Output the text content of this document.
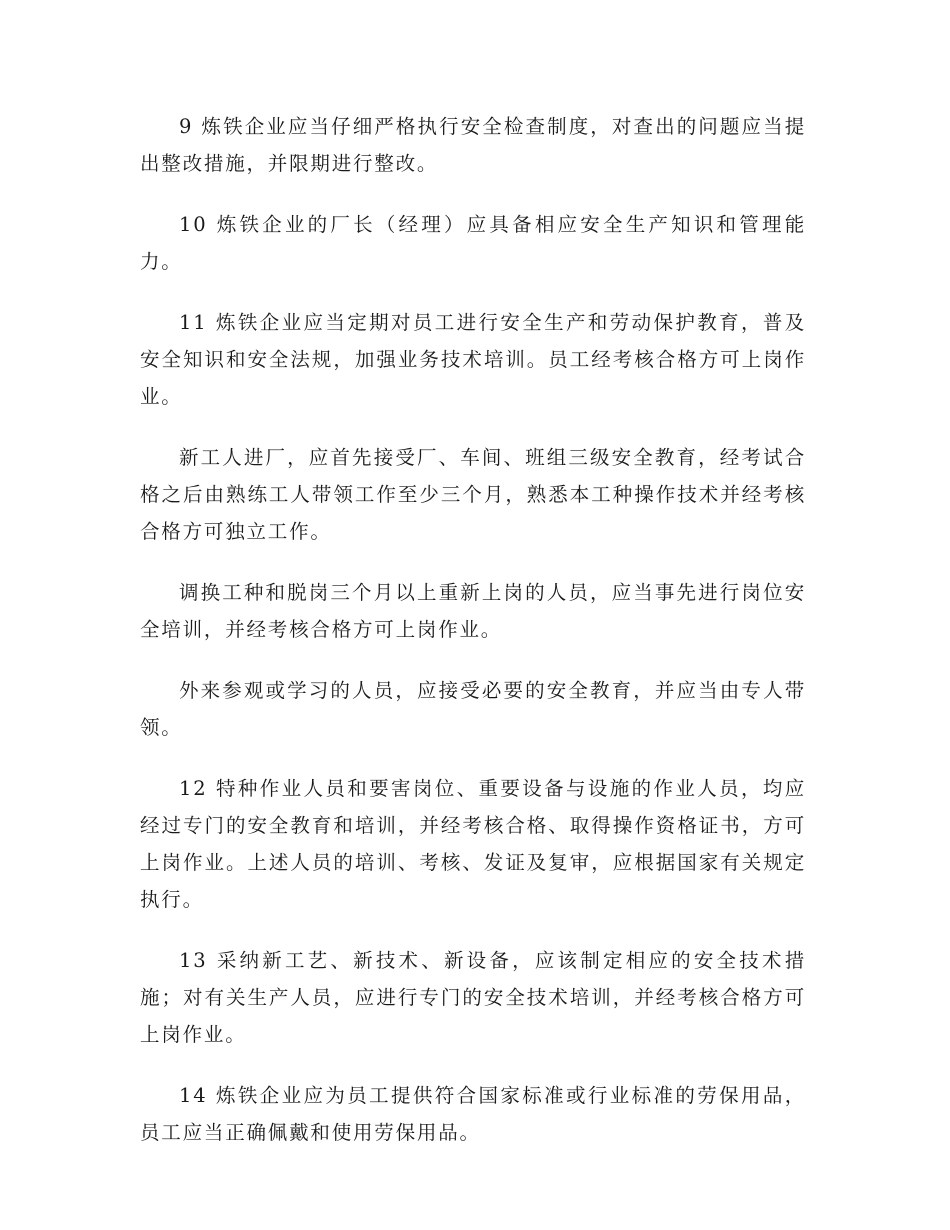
9 炼铁企业应当仔细严格执行安全检查制度，对查出的问题应当提出整改措施，并限期进行整改。

10 炼铁企业的厂长（经理）应具备相应安全生产知识和管理能力。

11 炼铁企业应当定期对员工进行安全生产和劳动保护教育，普及安全知识和安全法规，加强业务技术培训。员工经考核合格方可上岗作业。

新工人进厂，应首先接受厂、车间、班组三级安全教育，经考试合格之后由熟练工人带领工作至少三个月，熟悉本工种操作技术并经考核合格方可独立工作。

调换工种和脱岗三个月以上重新上岗的人员，应当事先进行岗位安全培训，并经考核合格方可上岗作业。

外来参观或学习的人员，应接受必要的安全教育，并应当由专人带领。

12 特种作业人员和要害岗位、重要设备与设施的作业人员，均应经过专门的安全教育和培训，并经考核合格、取得操作资格证书，方可上岗作业。上述人员的培训、考核、发证及复审，应根据国家有关规定执行。

13 采纳新工艺、新技术、新设备，应该制定相应的安全技术措施；对有关生产人员，应进行专门的安全技术培训，并经考核合格方可上岗作业。

14 炼铁企业应为员工提供符合国家标准或行业标准的劳保用品，员工应当正确佩戴和使用劳保用品。
